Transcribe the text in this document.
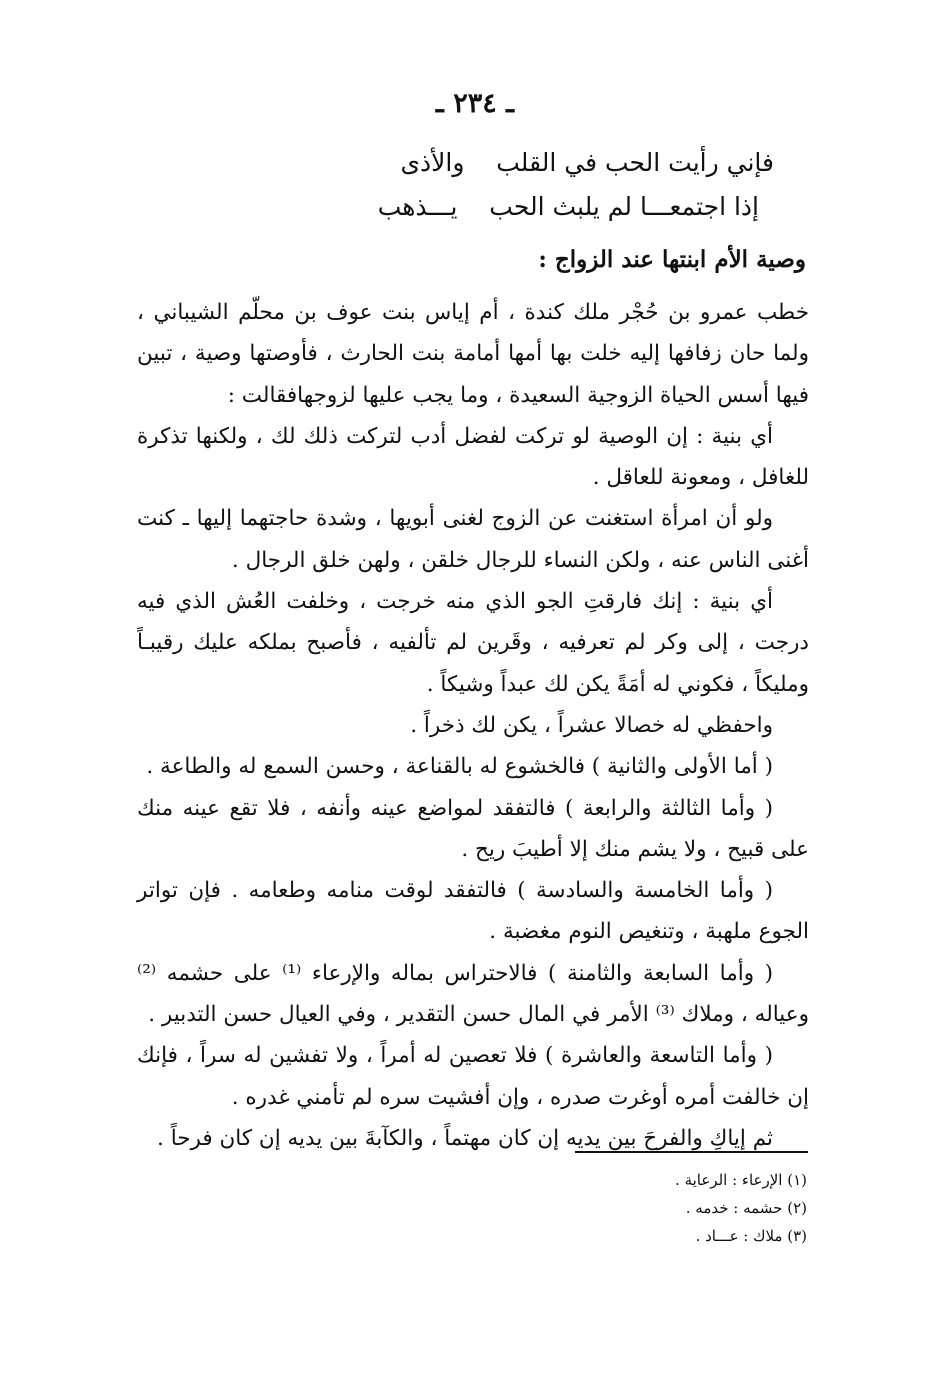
ـ ٢٣٤ ـ
فإني رأيت الحب في القلب    والأذى
إذا اجتمعـــا لم يلبث الحب    يـــذهب
وصية الأم ابنتها عند الزواج :

خطب عمرو بن حُجْر ملك كندة ، أم إياس بنت عوف بن محلّم الشيباني ، ولما حان زفافها إليه خلت بها أمها أمامة بنت الحارث ، فأوصتها وصية ، تبين فيها أسس الحياة الزوجية السعيدة ، وما يجب عليها لزوجهافقالت :

أي بنية : إن الوصية لو تركت لفضل أدب لتركت ذلك لك ، ولكنها تذكرة للغافل ، ومعونة للعاقل .

ولو أن امرأة استغنت عن الزوج لغنى أبويها ، وشدة حاجتهما إليها ـ كنت أغنى الناس عنه ، ولكن النساء للرجال خلقن ، ولهن خلق الرجال .

أي بنية : إنك فارقتِ الجو الذي منه خرجت ، وخلفت العُش الذي فيه درجت ، إلى وكر لم تعرفيه ، وقَرين لم تألفيه ، فأصبح بملكه عليك رقيبـاً ومليكاً ، فكوني له أمَةً يكن لك عبداً وشيكاً .

واحفظي له خصالا عشراً ، يكن لك ذخراً .

( أما الأولى والثانية ) فالخشوع له بالقناعة ، وحسن السمع له والطاعة .

( وأما الثالثة والرابعة ) فالتفقد لمواضع عينه وأنفه ، فلا تقع عينه منك على قبيح ، ولا يشم منك إلا أطيبَ ريح .

( وأما الخامسة والسادسة ) فالتفقد لوقت منامه وطعامه . فإن تواتر الجوع ملهبة ، وتنغيص النوم مغضبة .

( وأما السابعة والثامنة ) فالاحتراس بماله والإرعاء ⁽¹⁾ على حشمه ⁽²⁾ وعياله ، وملاك ⁽³⁾ الأمر في المال حسن التقدير ، وفي العيال حسن التدبير .

( وأما التاسعة والعاشرة ) فلا تعصين له أمراً ، ولا تفشين له سراً ، فإنك إن خالفت أمره أوغرت صدره ، وإن أفشيت سره لم تأمني غدره .

ثم إياكِ والفرحَ بين يديه إن كان مهتماً ، والكآبةَ بين يديه إن كان فرحاً .

(١) الإرعاء : الرعاية .
(٢) حشمه : خدمه .
(٣) ملاك : عـــاد .
